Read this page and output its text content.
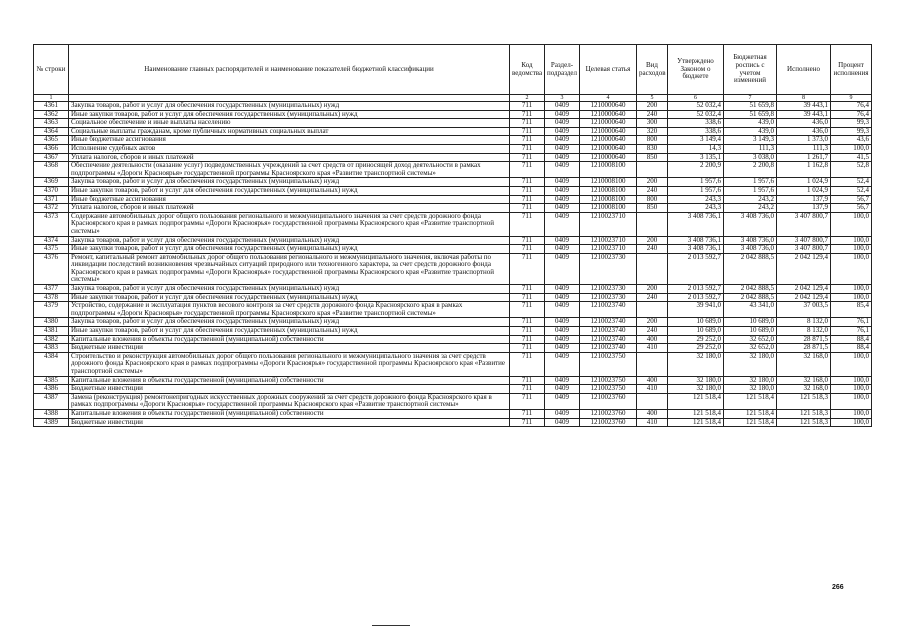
№ строки	Наименование главных распорядителей и наименование показателей бюджетной классификации	Код ведомства	Раздел-подраздел	Целевая статья	Вид расходов	Утверждено Законом о бюджете	Бюджетная роспись с учетом изменений	Исполнено	Процент исполнения
1		2	3	4	5	6	7	8	9
4361	Закупка товаров, работ и услуг для обеспечения государственных (муниципальных) нужд	711	0409	1210000640	200	52 032,4	51 659,8	39 443,1	76,4
4362	Иные закупки товаров, работ и услуг для обеспечения государственных (муниципальных) нужд	711	0409	1210000640	240	52 032,4	51 659,8	39 443,1	76,4
4363	Социальное обеспечение и иные выплаты населению	711	0409	1210000640	300	338,6	439,0	436,0	99,3
4364	Социальные выплаты гражданам, кроме публичных нормативных социальных выплат	711	0409	1210000640	320	338,6	439,0	436,0	99,3
4365	Иные бюджетные ассигнования	711	0409	1210000640	800	3 149,4	3 149,3	1 373,0	43,6
4366	Исполнение судебных актов	711	0409	1210000640	830	14,3	111,3	111,3	100,0
4367	Уплата налогов, сборов и иных платежей	711	0409	1210000640	850	3 135,1	3 038,0	1 261,7	41,5
4368	Обеспечение деятельности (оказание услуг) подведомственных учреждений за счет средств от приносящей доход деятельности в рамках подпрограммы «Дороги Красноярья» государственной программы Красноярского края «Развитие транспортной системы»	711	0409	1210008100		2 200,9	2 200,8	1 162,8	52,8
4369	Закупка товаров, работ и услуг для обеспечения государственных (муниципальных) нужд	711	0409	1210008100	200	1 957,6	1 957,6	1 024,9	52,4
4370	Иные закупки товаров, работ и услуг для обеспечения государственных (муниципальных) нужд	711	0409	1210008100	240	1 957,6	1 957,6	1 024,9	52,4
4371	Иные бюджетные ассигнования	711	0409	1210008100	800	243,3	243,2	137,9	56,7
4372	Уплата налогов, сборов и иных платежей	711	0409	1210008100	850	243,3	243,2	137,9	56,7
4373	Содержание автомобильных дорог общего пользования регионального и межмуниципального значения за счет средств дорожного фонда Красноярского края в рамках подпрограммы «Дороги Красноярья» государственной программы Красноярского края «Развитие транспортной системы»	711	0409	1210023710		3 408 736,1	3 408 736,0	3 407 800,7	100,0
4374	Закупка товаров, работ и услуг для обеспечения государственных (муниципальных) нужд	711	0409	1210023710	200	3 408 736,1	3 408 736,0	3 407 800,7	100,0
4375	Иные закупки товаров, работ и услуг для обеспечения государственных (муниципальных) нужд	711	0409	1210023710	240	3 408 736,1	3 408 736,0	3 407 800,7	100,0
4376	Ремонт, капитальный ремонт автомобильных дорог общего пользования регионального и межмуниципального значения, включая работы по ликвидации последствий возникновения чрезвычайных ситуаций природного или техногенного характера, за счет средств дорожного фонда Красноярского края в рамках подпрограммы «Дороги Красноярья» государственной программы Красноярского края «Развитие транспортной системы»	711	0409	1210023730		2 013 592,7	2 042 888,5	2 042 129,4	100,0
4377	Закупка товаров, работ и услуг для обеспечения государственных (муниципальных) нужд	711	0409	1210023730	200	2 013 592,7	2 042 888,5	2 042 129,4	100,0
4378	Иные закупки товаров, работ и услуг для обеспечения государственных (муниципальных) нужд	711	0409	1210023730	240	2 013 592,7	2 042 888,5	2 042 129,4	100,0
4379	Устройство, содержание и эксплуатация пунктов весового контроля за счет средств дорожного фонда Красноярского края в рамках подпрограммы «Дороги Красноярья» государственной программы Красноярского края «Развитие транспортной системы»	711	0409	1210023740		39 941,0	43 341,0	37 003,5	85,4
4380	Закупка товаров, работ и услуг для обеспечения государственных (муниципальных) нужд	711	0409	1210023740	200	10 689,0	10 689,0	8 132,0	76,1
4381	Иные закупки товаров, работ и услуг для обеспечения государственных (муниципальных) нужд	711	0409	1210023740	240	10 689,0	10 689,0	8 132,0	76,1
4382	Капитальные вложения в объекты государственной (муниципальной) собственности	711	0409	1210023740	400	29 252,0	32 652,0	28 871,5	88,4
4383	Бюджетные инвестиции	711	0409	1210023740	410	29 252,0	32 652,0	28 871,5	88,4
4384	Строительство и реконструкция автомобильных дорог общего пользования регионального и межмуниципального значения за счет средств дорожного фонда Красноярского края в рамках подпрограммы «Дороги Красноярья» государственной программы Красноярского края «Развитие транспортной системы»	711	0409	1210023750		32 180,0	32 180,0	32 168,0	100,0
4385	Капитальные вложения в объекты государственной (муниципальной) собственности	711	0409	1210023750	400	32 180,0	32 180,0	32 168,0	100,0
4386	Бюджетные инвестиции	711	0409	1210023750	410	32 180,0	32 180,0	32 168,0	100,0
4387	Замена (реконструкция) ремонтонепригодных искусственных дорожных сооружений за счет средств дорожного фонда Красноярского края в рамках подпрограммы «Дороги Красноярья» государственной программы Красноярского края «Развитие транспортной системы»	711	0409	1210023760		121 518,4	121 518,4	121 518,3	100,0
4388	Капитальные вложения в объекты государственной (муниципальной) собственности	711	0409	1210023760	400	121 518,4	121 518,4	121 518,3	100,0
4389	Бюджетные инвестиции	711	0409	1210023760	410	121 518,4	121 518,4	121 518,3	100,0
266
